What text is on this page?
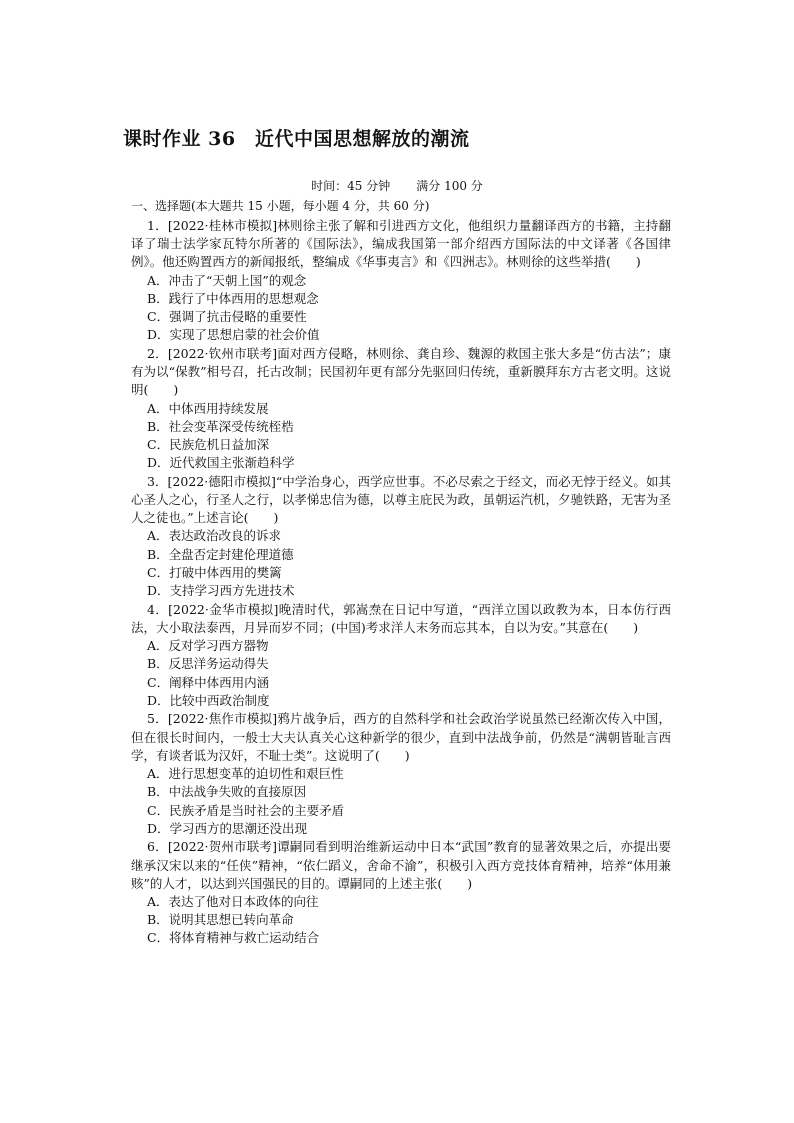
课时作业 36　近代中国思想解放的潮流
时间：45 分钟 满分 100 分
一、选择题(本大题共 15 小题，每小题 4 分，共 60 分)

1．[2022·桂林市模拟]林则徐主张了解和引进西方文化，他组织力量翻译西方的书籍，主持翻译了瑞士法学家瓦特尔所著的《国际法》，编成我国第一部介绍西方国际法的中文译著《各国律例》。他还购置西方的新闻报纸，整编成《华事夷言》和《四洲志》。林则徐的这些举措(　　)

A．冲击了“天朝上国”的观念
B．践行了中体西用的思想观念
C．强调了抗击侵略的重要性
D．实现了思想启蒙的社会价值

2．[2022·钦州市联考]面对西方侵略，林则徐、龚自珍、魏源的救国主张大多是“仿古法”；康有为以“保教”相号召，托古改制；民国初年更有部分先驱回归传统，重新膜拜东方古老文明。这说明(　　)

A．中体西用持续发展
B．社会变革深受传统桎梏
C．民族危机日益加深
D．近代救国主张渐趋科学

3．[2022·德阳市模拟]“中学治身心，西学应世事。不必尽索之于经文，而必无悖于经义。如其心圣人之心，行圣人之行，以孝悌忠信为德，以尊主庇民为政，虽朝运汽机，夕驰铁路，无害为圣人之徒也。”上述言论(　　)

A．表达政治改良的诉求
B．全盘否定封建伦理道德
C．打破中体西用的樊篱
D．支持学习西方先进技术

4．[2022·金华市模拟]晚清时代，郭嵩焘在日记中写道，“西洋立国以政教为本，日本仿行西法，大小取法泰西，月异而岁不同；(中国)考求洋人末务而忘其本，自以为安。”其意在(　　)

A．反对学习西方器物
B．反思洋务运动得失
C．阐释中体西用内涵
D．比较中西政治制度

5．[2022·焦作市模拟]鸦片战争后，西方的自然科学和社会政治学说虽然已经渐次传入中国，但在很长时间内，一般士大夫认真关心这种新学的很少，直到中法战争前，仍然是“满朝皆耻言西学，有谈者诋为汉奸，不耻士类”。这说明了(　　)

A．进行思想变革的迫切性和艰巨性
B．中法战争失败的直接原因
C．民族矛盾是当时社会的主要矛盾
D．学习西方的思潮还没出现

6．[2022·贺州市联考]谭嗣同看到明治维新运动中日本“武国”教育的显著效果之后，亦提出要继承汉宋以来的“任侠”精神，“依仁蹈义，舍命不渝”，积极引入西方竞技体育精神，培养“体用兼赅”的人才，以达到兴国强民的目的。谭嗣同的上述主张(　　)

A．表达了他对日本政体的向往
B．说明其思想已转向革命
C．将体育精神与救亡运动结合
